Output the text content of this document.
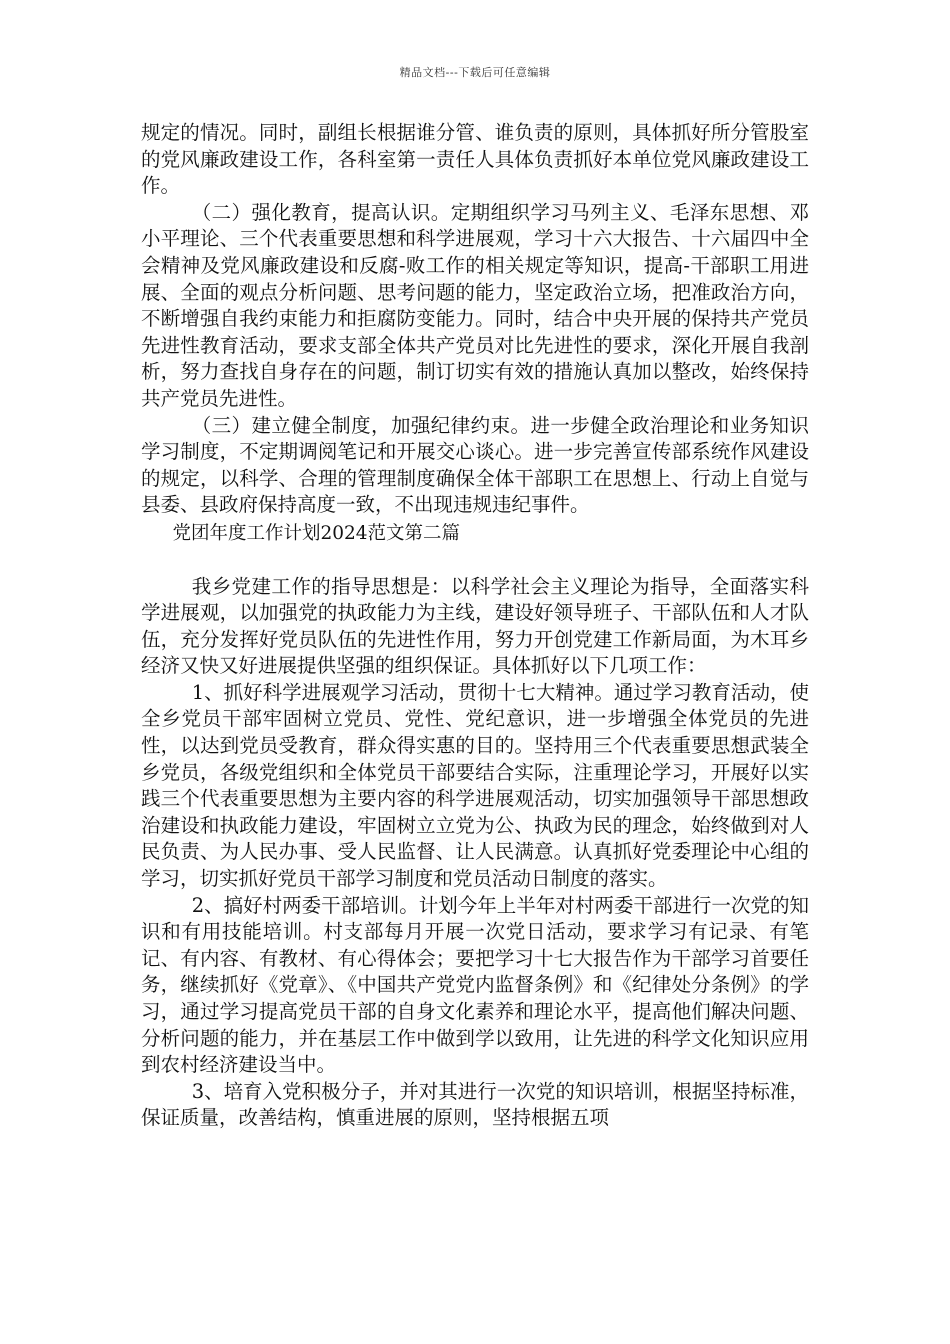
精品文档---下载后可任意编辑

规定的情况。同时，副组长根据谁分管、谁负责的原则，具体抓好所分管股室的党风廉政建设工作，各科室第一责任人具体负责抓好本单位党风廉政建设工作。

（二）强化教育，提高认识。定期组织学习马列主义、毛泽东思想、邓小平理论、三个代表重要思想和科学进展观，学习十六大报告、十六届四中全会精神及党风廉政建设和反腐-败工作的相关规定等知识，提高-干部职工用进展、全面的观点分析问题、思考问题的能力，坚定政治立场，把准政治方向，不断增强自我约束能力和拒腐防变能力。同时，结合中央开展的保持共产党员先进性教育活动，要求支部全体共产党员对比先进性的要求，深化开展自我剖析，努力查找自身存在的问题，制订切实有效的措施认真加以整改，始终保持共产党员先进性。

（三）建立健全制度，加强纪律约束。进一步健全政治理论和业务知识学习制度，不定期调阅笔记和开展交心谈心。进一步完善宣传部系统作风建设的规定，以科学、合理的管理制度确保全体干部职工在思想上、行动上自觉与县委、县政府保持高度一致，不出现违规违纪事件。

党团年度工作计划2024范文第二篇

我乡党建工作的指导思想是：以科学社会主义理论为指导，全面落实科学进展观，以加强党的执政能力为主线，建设好领导班子、干部队伍和人才队伍，充分发挥好党员队伍的先进性作用，努力开创党建工作新局面，为木耳乡经济又快又好进展提供坚强的组织保证。具体抓好以下几项工作：

1、抓好科学进展观学习活动，贯彻十七大精神。通过学习教育活动，使全乡党员干部牢固树立党员、党性、党纪意识，进一步增强全体党员的先进性，以达到党员受教育，群众得实惠的目的。坚持用三个代表重要思想武装全乡党员，各级党组织和全体党员干部要结合实际，注重理论学习，开展好以实践三个代表重要思想为主要内容的科学进展观活动，切实加强领导干部思想政治建设和执政能力建设，牢固树立立党为公、执政为民的理念，始终做到对人民负责、为人民办事、受人民监督、让人民满意。认真抓好党委理论中心组的学习，切实抓好党员干部学习制度和党员活动日制度的落实。

2、搞好村两委干部培训。计划今年上半年对村两委干部进行一次党的知识和有用技能培训。村支部每月开展一次党日活动，要求学习有记录、有笔记、有内容、有教材、有心得体会；要把学习十七大报告作为干部学习首要任务，继续抓好《党章》、《中国共产党党内监督条例》和《纪律处分条例》的学习，通过学习提高党员干部的自身文化素养和理论水平，提高他们解决问题、分析问题的能力，并在基层工作中做到学以致用，让先进的科学文化知识应用到农村经济建设当中。

3、培育入党积极分子，并对其进行一次党的知识培训，根据坚持标准，保证质量，改善结构，慎重进展的原则，坚持根据五项
